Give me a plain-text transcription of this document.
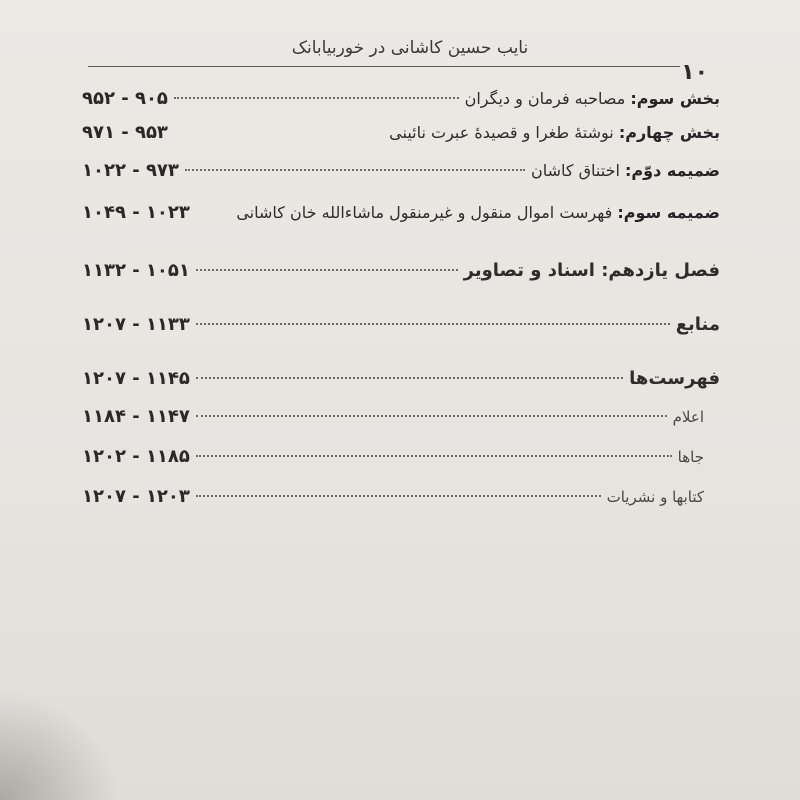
نایب حسین کاشانی در خوربیابانک
۱۰
بخش سوم: مصاحبه فرمان و دیگران
۹۵۲ - ۹۰۵
بخش چهارم: نوشتهٔ طغرا و قصیدهٔ عبرت نائینی
۹۷۱ - ۹۵۳
ضمیمه دوّم: اختناق کاشان
۱۰۲۲ - ۹۷۳
ضمیمه سوم: فهرست اموال منقول و غیرمنقول ماشاءالله خان کاشانی
۱۰۴۹ - ۱۰۲۳
فصل یازدهم: اسناد و تصاویر
۱۱۳۲ - ۱۰۵۱
منابع
۱۲۰۷ - ۱۱۳۳
فهرست‌ها
۱۲۰۷ - ۱۱۴۵
اعلام
۱۱۸۴ - ۱۱۴۷
جاها
۱۲۰۲ - ۱۱۸۵
کتابها و نشریات
۱۲۰۷ - ۱۲۰۳
